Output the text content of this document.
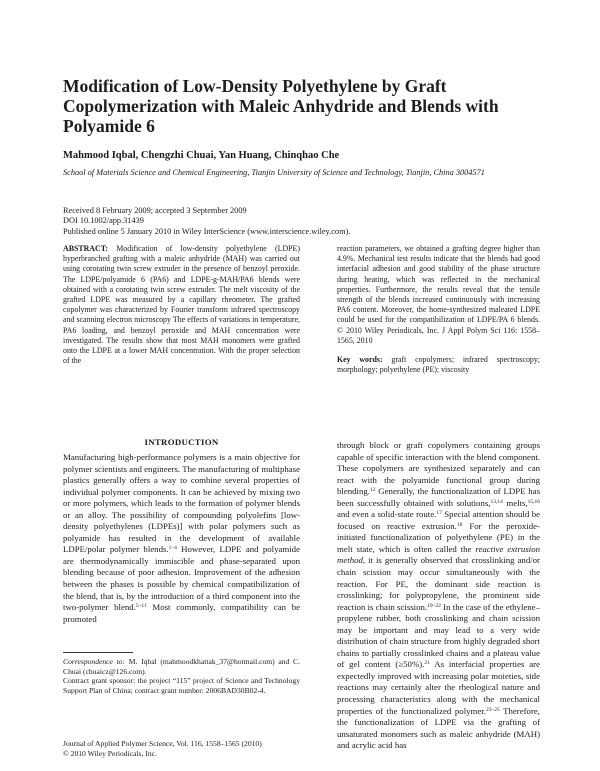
Modification of Low-Density Polyethylene by Graft Copolymerization with Maleic Anhydride and Blends with Polyamide 6
Mahmood Iqbal, Chengzhi Chuai, Yan Huang, Chinqhao Che
School of Materials Science and Chemical Engineering, Tianjin University of Science and Technology, Tianjin, China 3004571
Received 8 February 2009; accepted 3 September 2009
DOI 10.1002/app.31439
Published online 5 January 2010 in Wiley InterScience (www.interscience.wiley.com).
ABSTRACT: Modification of low-density polyethylene (LDPE) hyperbranched grafting with a maleic anhydride (MAH) was carried out using corotating twin screw extruder in the presence of benzoyl peroxide. The LDPE/polyamide 6 (PA6) and LDPE-g-MAH/PA6 blends were obtained with a corotating twin screw extruder. The melt viscosity of the grafted LDPE was measured by a capillary rheometer. The grafted copolymer was characterized by Fourier transform infrared spectroscopy and scanning electron microscopy The effects of variations in temperature, PA6 loading, and benzoyl peroxide and MAH concentration were investigated. The results show that most MAH monomers were grafted onto the LDPE at a lower MAH concentration. With the proper selection of the

reaction parameters, we obtained a grafting degree higher than 4.9%. Mechanical test results indicate that the blends had good interfacial adhesion and good stability of the phase structure during heating, which was reflected in the mechanical properties. Furthermore, the results reveal that the tensile strength of the blends increased continuously with increasing PA6 content. Moreover, the home-synthesized maleated LDPE could be used for the compatibilization of LDPE/PA 6 blends. © 2010 Wiley Periodicals, Inc. J Appl Polym Sci 116: 1558–1565, 2010

Key words: graft copolymers; infrared spectroscopy; morphology; polyethylene (PE); viscosity

INTRODUCTION

Manufacturing high-performance polymers is a main objective for polymer scientists and engineers. The manufacturing of multiphase plastics generally offers a way to combine several properties of individual polymer components. It can be achieved by mixing two or more polymers, which leads to the formation of polymer blends or an alloy. The possibility of compounding polyolefins [low-density polyethylenes (LDPEs)] with polar polymers such as polyamide has resulted in the development of available LDPE/polar polymer blends.$^{1-4}$ However, LDPE and polyamide are thermodynamically immiscible and phase-separated upon blending because of poor adhesion. Improvement of the adhesion between the phases is possible by chemical compatibilization of the blend, that is, by the introduction of a third component into the two-polymer blend.$^{5-11}$ Most commonly, compatibility can be promoted

through block or graft copolymers containing groups capable of specific interaction with the blend component. These copolymers are synthesized separately and can react with the polyamide functional group during blending.$^{12}$ Generally, the functionalization of LDPE has been successfully obtained with solutions,$^{13,14}$ melts,$^{15,16}$ and even a solid-state route.$^{17}$ Special attention should be focused on reactive extrusion.$^{18}$ For the peroxide-initiated functionalization of polyethylene (PE) in the melt state, which is often called the reactive extrusion method, it is generally observed that crosslinking and/or chain scission may occur simultaneously with the reaction. For PE, the dominant side reaction is crosslinking; for polypropylene, the prominent side reaction is chain scission.$^{19-22}$ In the case of the ethylene–propylene rubber, both crosslinking and chain scission may be important and may lead to a very wide distribution of chain structure from highly degraded short chains to partially crosslinked chains and a plateau value of gel content (≥50%).$^{21}$ As interfacial properties are expectedly improved with increasing polar moieties, side reactions may certainly alter the rheological nature and processing characteristics along with the mechanical properties of the functionalized polymer.$^{23-25}$ Therefore, the functionalization of LDPE via the grafting of unsaturated monomers such as maleic anhydride (MAH) and acrylic acid has

Correspondence to: M. Iqbal (mahmoodkhattak_37@hotmail.com) and C. Chuai (chuaicz@126.com).

Contract grant sponsor: the project “115” project of Science and Technology Support Plan of China; contract grant number: 2006BAD30B02-4.

Journal of Applied Polymer Science, Vol. 116, 1558–1565 (2010)
© 2010 Wiley Periodicals, Inc.
